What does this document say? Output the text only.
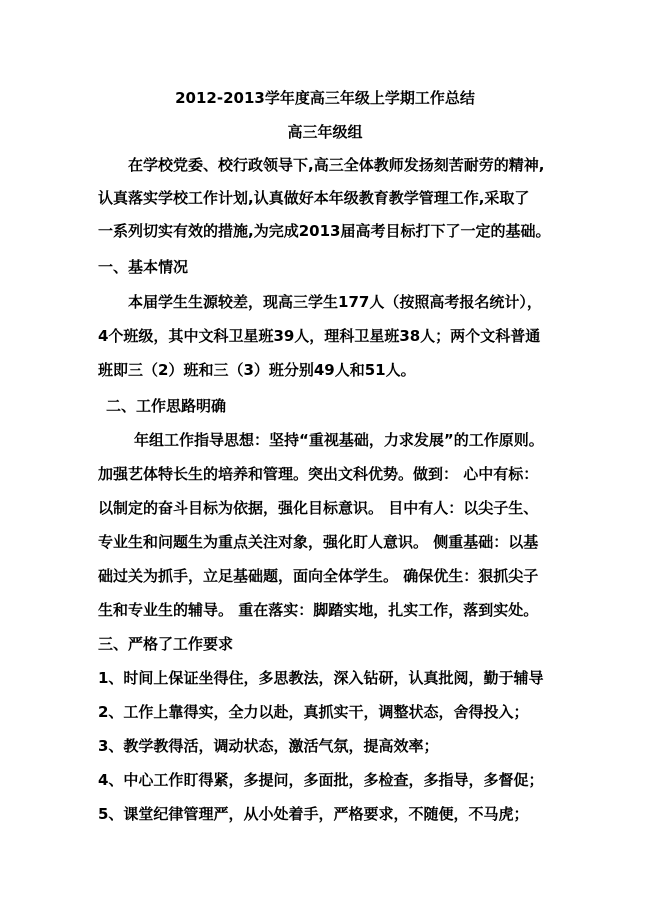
2012-2013学年度高三年级上学期工作总结
高三年级组
在学校党委、校行政领导下,高三全体教师发扬刻苦耐劳的精神,
认真落实学校工作计划,认真做好本年级教育教学管理工作,采取了
一系列切实有效的措施,为完成2013届高考目标打下了一定的基础。
一、基本情况
本届学生生源较差，现高三学生177人（按照高考报名统计），
4个班级，其中文科卫星班39人，理科卫星班38人；两个文科普通
班即三（2）班和三（3）班分别49人和51人。
二、工作思路明确
年组工作指导思想：坚持“重视基础，力求发展”的工作原则。
加强艺体特长生的培养和管理。突出文科优势。做到： 心中有标：
以制定的奋斗目标为依据，强化目标意识。 目中有人：以尖子生、
专业生和问题生为重点关注对象，强化盯人意识。 侧重基础：以基
础过关为抓手，立足基础题，面向全体学生。 确保优生：狠抓尖子
生和专业生的辅导。 重在落实：脚踏实地，扎实工作，落到实处。
三、严格了工作要求
1、时间上保证坐得住，多思教法，深入钻研，认真批阅，勤于辅导
2、工作上靠得实，全力以赴，真抓实干，调整状态，舍得投入；
3、教学教得活，调动状态，激活气氛，提高效率；
4、中心工作盯得紧，多提问，多面批，多检查，多指导，多督促；
5、课堂纪律管理严，从小处着手，严格要求，不随便，不马虎；
